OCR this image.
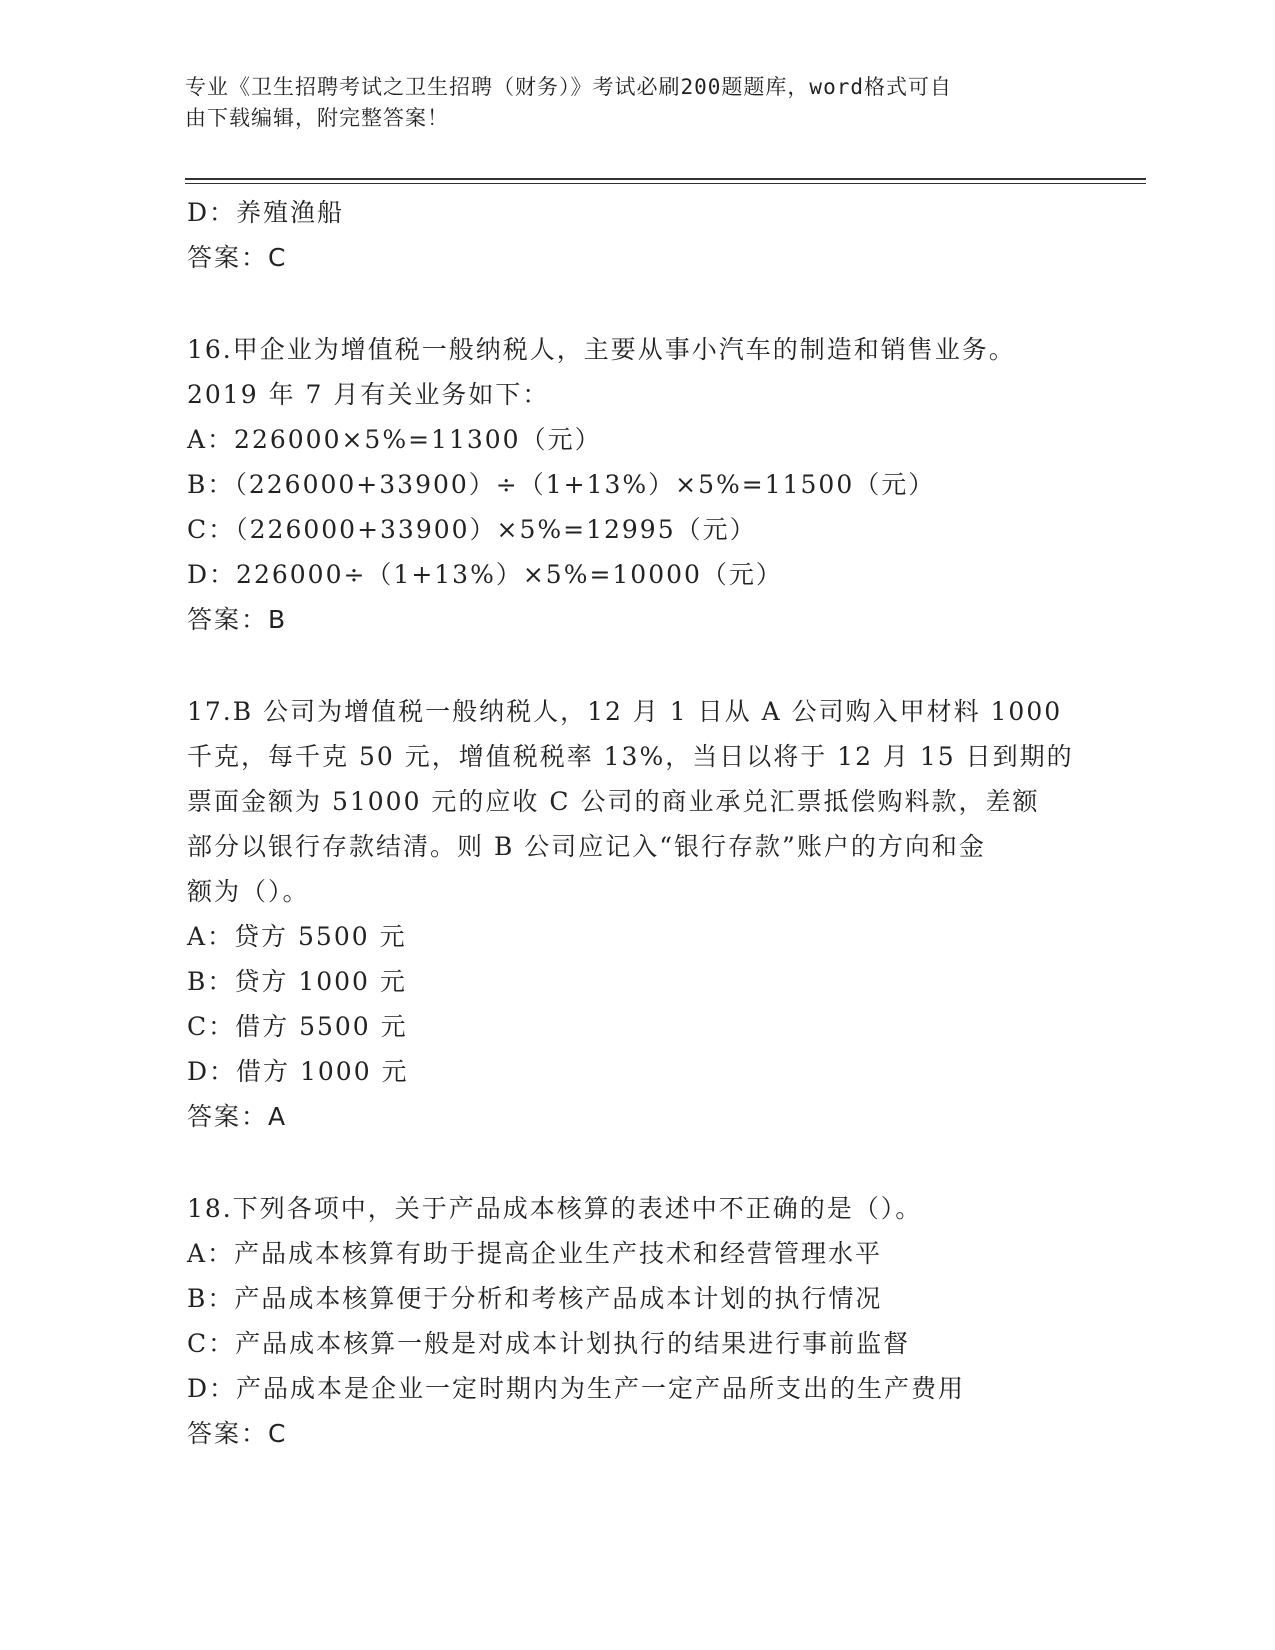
专业《卫生招聘考试之卫生招聘（财务）》考试必刷200题题库，word格式可自
由下载编辑，附完整答案！
D：养殖渔船
答案：C
16.甲企业为增值税一般纳税人，主要从事小汽车的制造和销售业务。
2019 年 7 月有关业务如下：
A：226000×5%=11300（元）
B：（226000+33900）÷（1+13%）×5%=11500（元）
C：（226000+33900）×5%=12995（元）
D：226000÷（1+13%）×5%=10000（元）
答案：B
17.B 公司为增值税一般纳税人，12 月 1 日从 A 公司购入甲材料 1000
千克，每千克 50 元，增值税税率 13%，当日以将于 12 月 15 日到期的
票面金额为 51000 元的应收 C 公司的商业承兑汇票抵偿购料款，差额
部分以银行存款结清。则 B 公司应记入“银行存款”账户的方向和金
额为（）。
A：贷方 5500 元
B：贷方 1000 元
C：借方 5500 元
D：借方 1000 元
答案：A
18.下列各项中，关于产品成本核算的表述中不正确的是（）。
A：产品成本核算有助于提高企业生产技术和经营管理水平
B：产品成本核算便于分析和考核产品成本计划的执行情况
C：产品成本核算一般是对成本计划执行的结果进行事前监督
D：产品成本是企业一定时期内为生产一定产品所支出的生产费用
答案：C
